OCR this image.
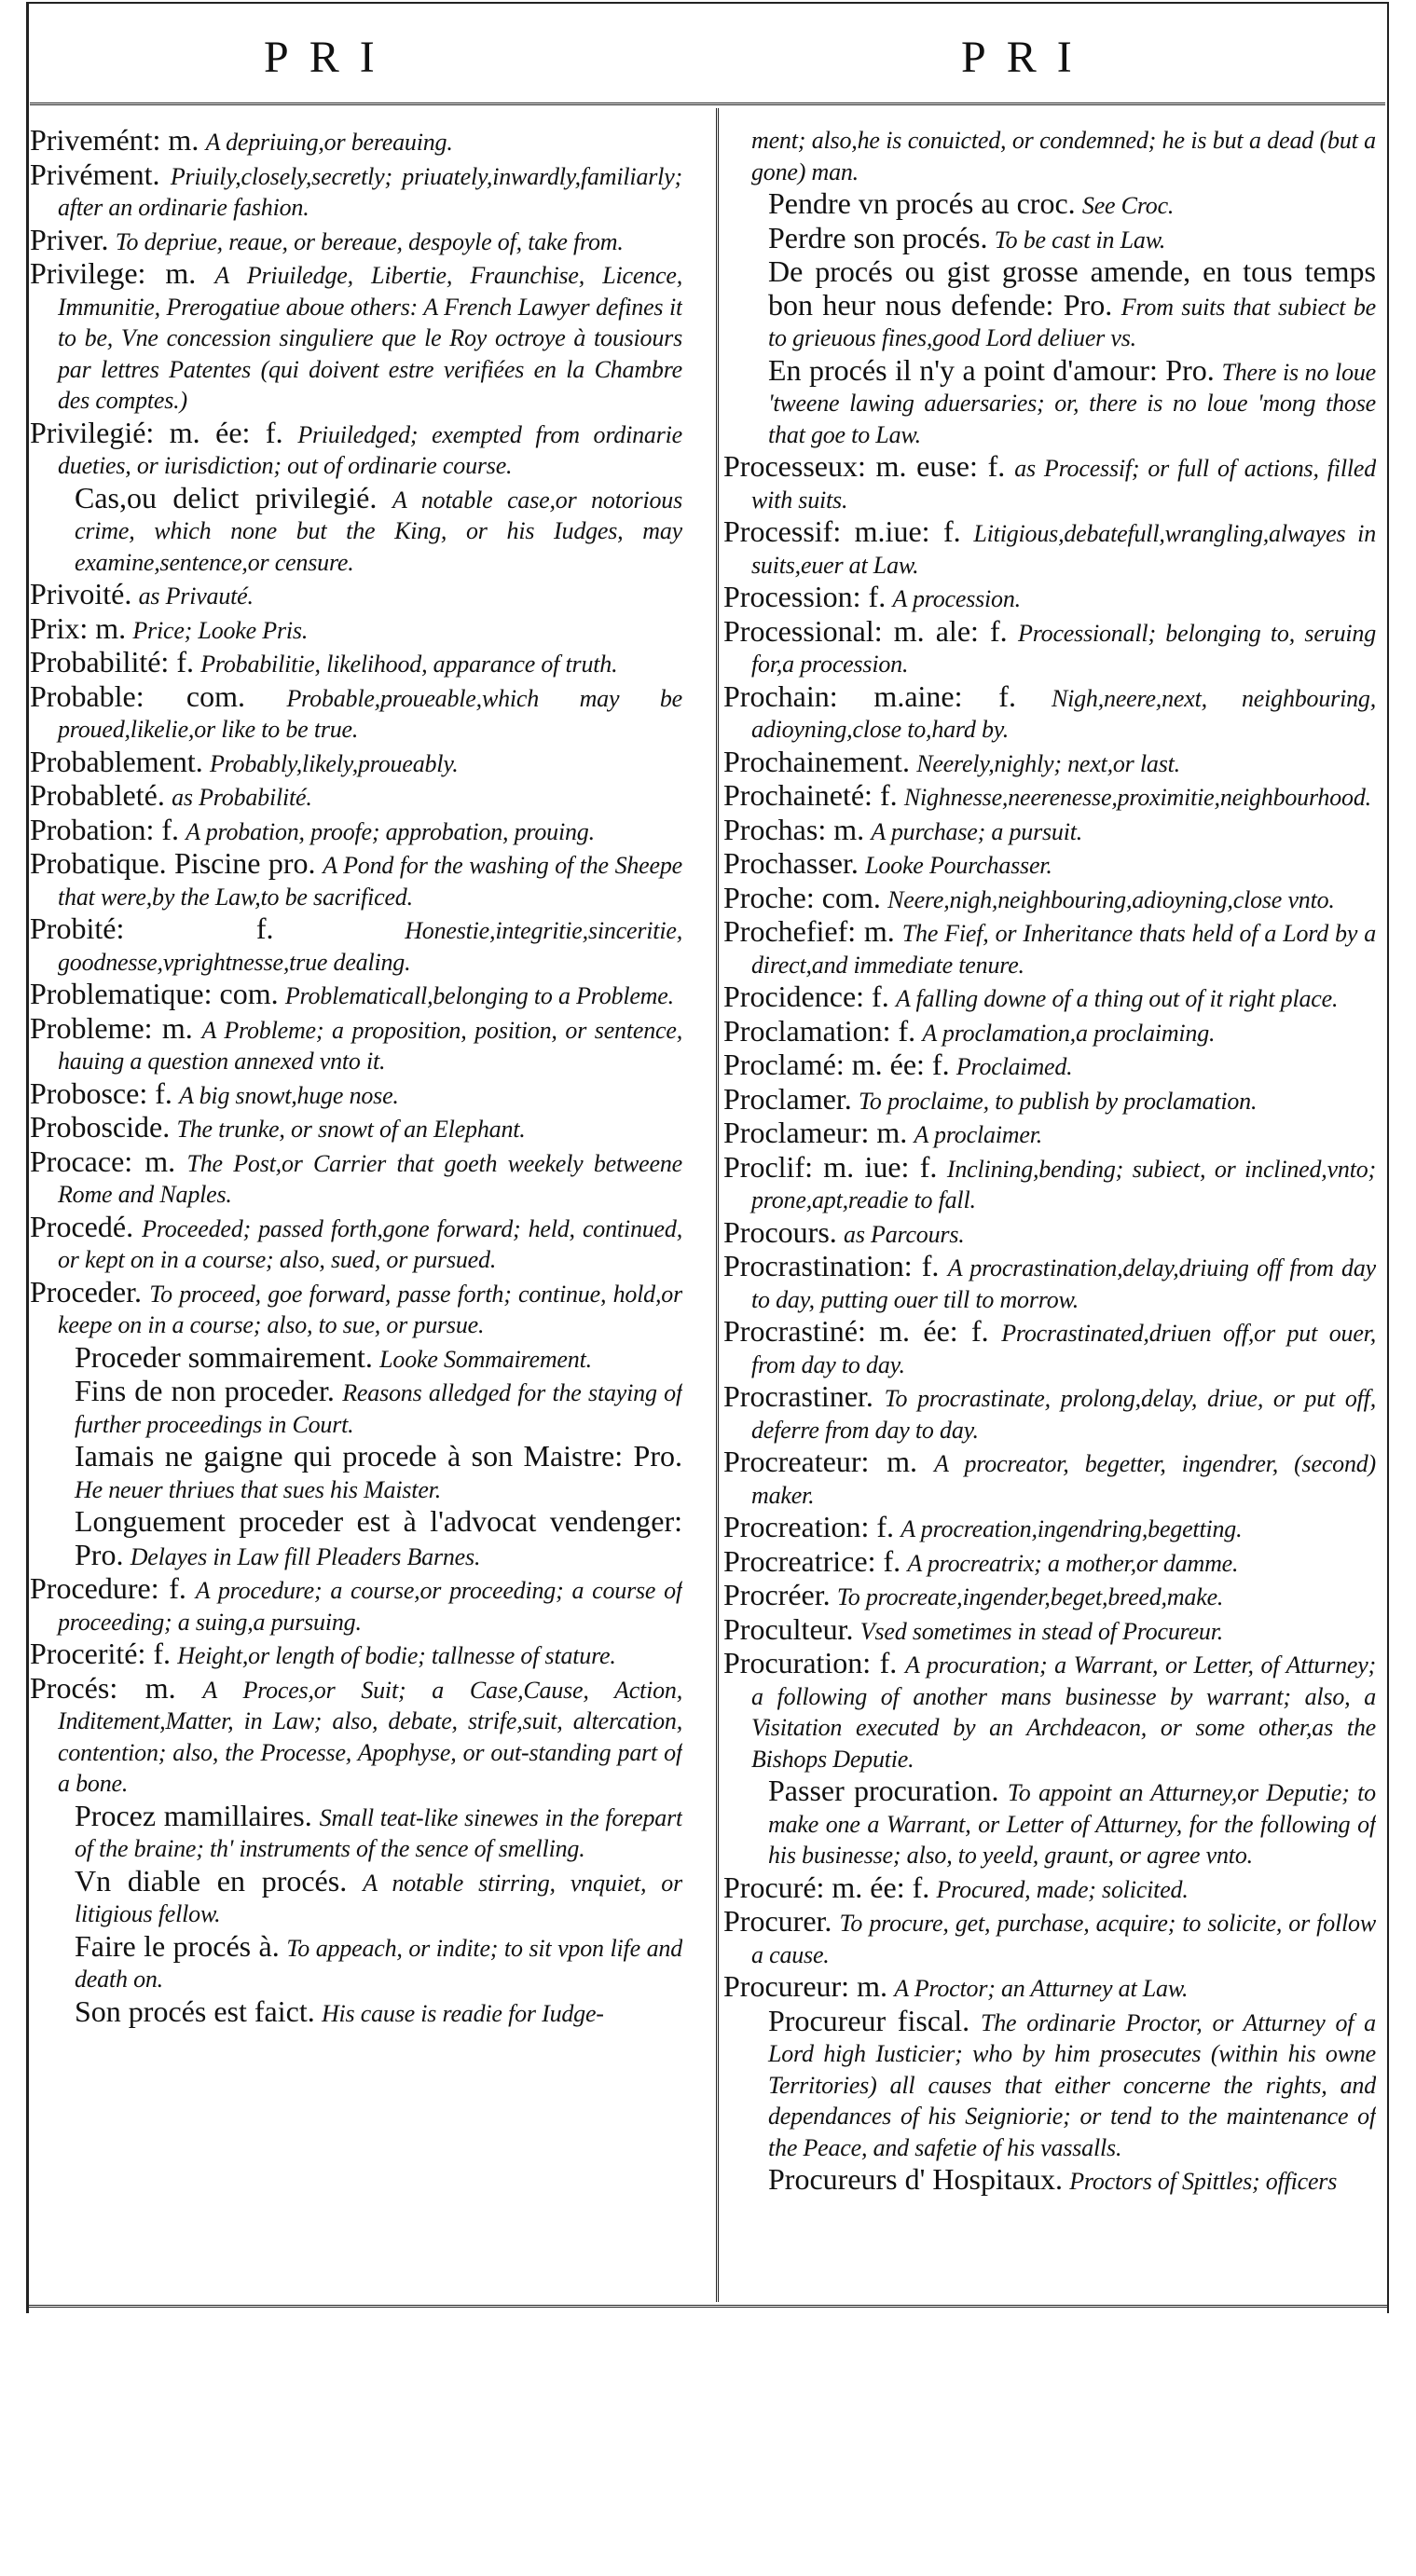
PRI	PRI

Privemént: m. A depriuing,or bereauing.

Privément. Priuily,closely,secretly; priuately,inwardly,familiarly; after an ordinarie fashion.

Priver. To depriue, reaue, or bereaue, despoyle of, take from.

Privilege: m. A Priuiledge, Libertie, Fraunchise, Licence, Immunitie, Prerogatiue aboue others: A French Lawyer defines it to be, Vne concession singuliere que le Roy octroye à tousiours par lettres Patentes (qui doivent estre verifiées en la Chambre des comptes.)

Privilegié: m. ée: f. Priuiledged; exempted from ordinarie dueties, or iurisdiction; out of ordinarie course.

Cas,ou delict privilegié. A notable case,or notorious crime, which none but the King, or his Iudges, may examine,sentence,or censure.

Privoité. as Privauté.

Prix: m. Price; Looke Pris.

Probabilité: f. Probabilitie, likelihood, apparance of truth.

Probable: com. Probable,proueable,which may be proued,likelie,or like to be true.

Probablement. Probably,likely,proueably.

Probableté. as Probabilité.

Probation: f. A probation, proofe; approbation, prouing.

Probatique. Piscine pro. A Pond for the washing of the Sheepe that were,by the Law,to be sacrificed.

Probité: f.	Honestie,integritie,sinceritie, goodnesse,vprightnesse,true dealing.

Problematique: com. Problematicall,belonging to a Probleme.

Probleme: m. A Probleme; a proposition, position, or sentence, hauing a question annexed vnto it.

Probosce: f. A big snowt,huge nose.

Proboscide. The trunke, or snowt of an Elephant.

Procace: m. The Post,or Carrier that goeth weekely betweene Rome and Naples.

Procedé. Proceeded; passed forth,gone forward; held, continued, or kept on in a course; also, sued, or pursued.

Proceder. To proceed, goe forward, passe forth; continue, hold,or keepe on in a course; also, to sue, or pursue.

Proceder sommairement. Looke Sommairement.

Fins de non proceder. Reasons alledged for the staying of further proceedings in Court.

Iamais ne gaigne qui procede à son Maistre: Pro. He neuer thriues that sues his Maister.

Longuement proceder est à l'advocat vendenger: Pro. Delayes in Law fill Pleaders Barnes.

Procedure: f. A procedure; a course,or proceeding; a course of proceeding; a suing,a pursuing.

Procerité: f. Height,or length of bodie; tallnesse of stature.

Procés: m. A Proces,or Suit; a Case,Cause, Action, Inditement,Matter, in Law; also, debate, strife,suit, altercation, contention; also, the Processe, Apophyse, or out-standing part of a bone.

Procez mamillaires. Small teat-like sinewes in the forepart of the braine; th' instruments of the sence of smelling.

Vn diable en procés. A notable stirring, vnquiet, or litigious fellow.

Faire le procés à. To appeach, or indite; to sit vpon life and death on.

Son procés est faict. His cause is readie for Iudge-

ment; also,he is conuicted, or condemned; he is but a dead (but a gone) man.

Pendre vn procés au croc. See Croc.

Perdre son procés. To be cast in Law.

De procés ou gist grosse amende, en tous temps bon heur nous defende: Pro. From suits that subiect be to grieuous fines,good Lord deliuer vs.

En procés il n'y a point d'amour: Pro. There is no loue 'tweene lawing aduersaries; or, there is no loue 'mong those that goe to Law.

Processeux: m. euse: f. as Processif; or full of actions, filled with suits.

Processif: m.iue: f. Litigious,debatefull,wrangling,alwayes in suits,euer at Law.

Procession: f. A procession.

Processional: m. ale: f. Processionall; belonging to, seruing for,a procession.

Prochain: m.aine: f. Nigh,neere,next, neighbouring, adioyning,close to,hard by.

Prochainement. Neerely,nighly; next,or last.

Prochaineté: f. Nighnesse,neerenesse,proximitie,neighbourhood.

Prochas: m. A purchase; a pursuit.

Prochasser. Looke Pourchasser.

Proche: com. Neere,nigh,neighbouring,adioyning,close vnto.

Prochefief: m. The Fief, or Inheritance thats held of a Lord by a direct,and immediate tenure.

Procidence: f. A falling downe of a thing out of it right place.

Proclamation: f. A proclamation,a proclaiming.

Proclamé: m. ée: f. Proclaimed.

Proclamer. To proclaime, to publish by proclamation.

Proclameur: m. A proclaimer.

Proclif: m. iue: f. Inclining,bending; subiect, or inclined,vnto; prone,apt,readie to fall.

Procours. as Parcours.

Procrastination: f. A procrastination,delay,driuing off from day to day, putting ouer till to morrow.

Procrastiné: m. ée: f. Procrastinated,driuen off,or put ouer, from day to day.

Procrastiner. To procrastinate, prolong,delay, driue, or put off, deferre from day to day.

Procreateur: m. A procreator, begetter, ingendrer, (second) maker.

Procreation: f. A procreation,ingendring,begetting.

Procreatrice: f. A procreatrix; a mother,or damme.

Procréer. To procreate,ingender,beget,breed,make.

Proculteur. Vsed sometimes in stead of Procureur.

Procuration: f. A procuration; a Warrant, or Letter, of Atturney; a following of another mans businesse by warrant; also, a Visitation executed by an Archdeacon, or some other,as the Bishops Deputie.

Passer procuration. To appoint an Atturney,or Deputie; to make one a Warrant, or Letter of Atturney, for the following of his businesse; also, to yeeld, graunt, or agree vnto.

Procuré: m. ée: f. Procured, made; solicited.

Procurer. To procure, get, purchase, acquire; to solicite, or follow a cause.

Procureur: m. A Proctor; an Atturney at Law.

Procureur fiscal. The ordinarie Proctor, or Atturney of a Lord high Iusticier; who by him prosecutes (within his owne Territories) all causes that either concerne the rights, and dependances of his Seigniorie; or tend to the maintenance of the Peace, and safetie of his vassalls.

Procureurs d' Hospitaux. Proctors of Spittles; officers
